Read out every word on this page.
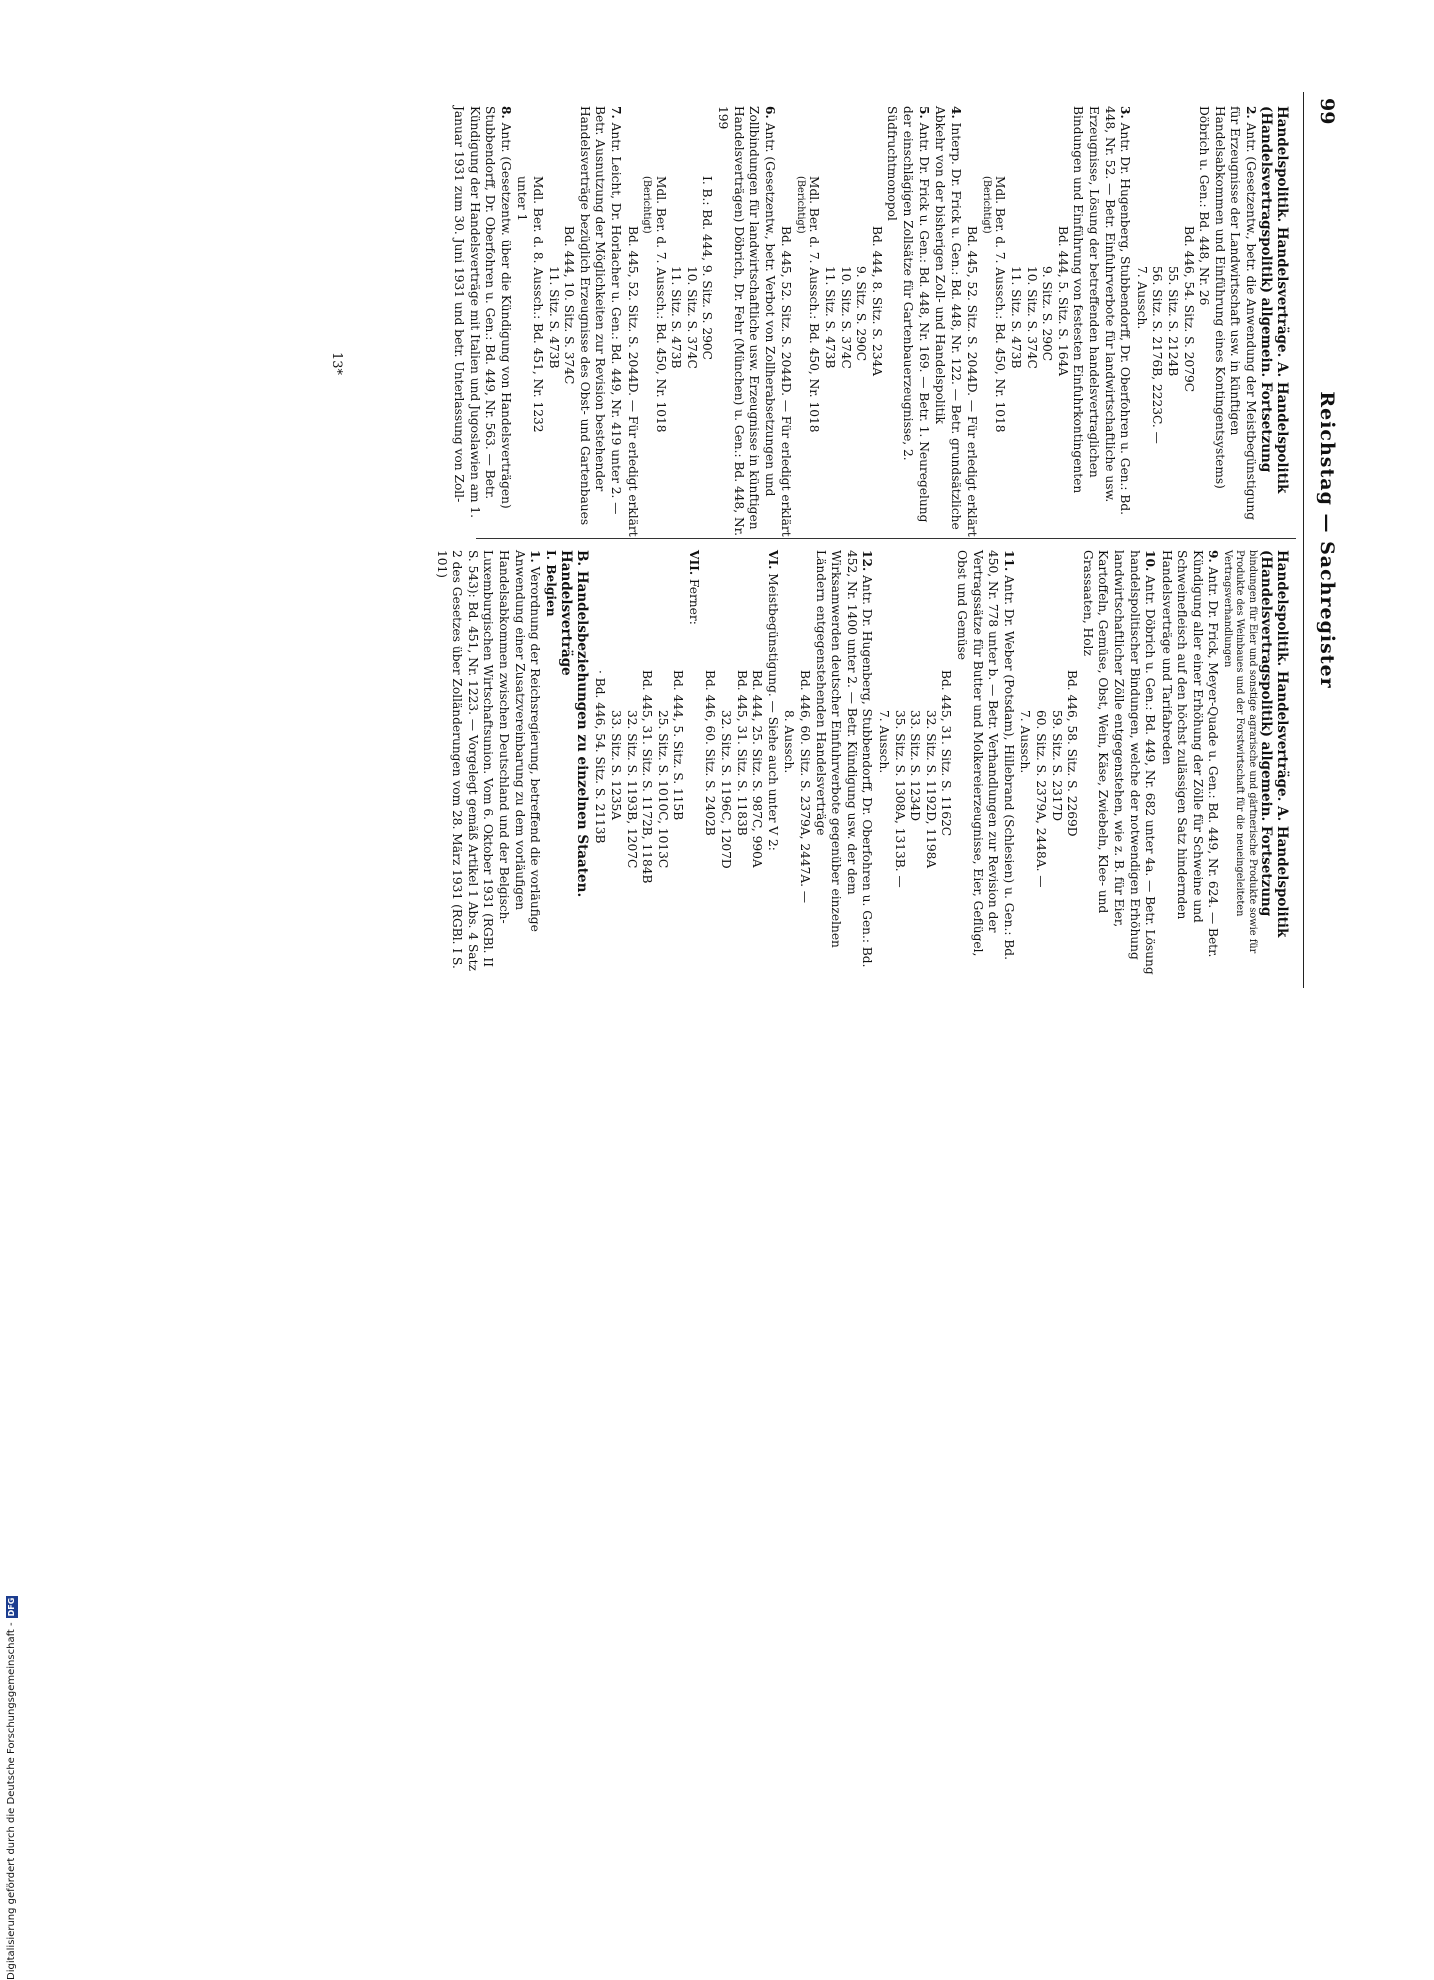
99
Reichstag — Sachregister
Handelspolitik. Handelsverträge. A. Handelspolitik (Handelsvertragspolitik) allgemein. Fortsetzung
2. Antr. (Gesetzentw., betr. die Anwendung der Meistbegünstigung für Erzeugnisse der Landwirtschaft usw. in künftigen Handelsabkommen und Einführung eines Kontingentsystems) Döbrich u. Gen.: Bd. 448, Nr. 26
Bd. 446, 54. Sitz. S. 2079C
55. Sitz. S. 2124B
56. Sitz. S. 2176B, 2223C. —
7. Aussch.
3. Antr. Dr. Hugenberg, Stubbendorff, Dr. Oberfohren u. Gen.: Bd. 448, Nr. 52. — Betr. Einfuhrverbote für landwirtschaftliche usw. Erzeugnisse, Lösung der betreffenden handelsvertraglichen Bindungen und Einführung von festesten Einfuhrkontingenten
Bd. 444, 5. Sitz. S. 164A
9. Sitz. S. 290C
10. Sitz. S. 374C
11. Sitz. S. 473B
Mdl. Ber. d. 7. Aussch.: Bd. 450, Nr. 1018
(Berichtigt)
Bd. 445, 52. Sitz. S. 2044D. — Für erledigt erklärt
4. Interp. Dr. Frick u. Gen.: Bd. 448, Nr. 122. — Betr. grundsätzliche Abkehr von der bisherigen Zoll- und Handelspolitik
5. Antr. Dr. Frick u. Gen.: Bd. 448, Nr. 169. — Betr. 1. Neuregelung der einschlägigen Zollsätze für Gartenbauerzeugnisse, 2. Südfruchtmonopol
Bd. 444, 8. Sitz. S. 234A
9. Sitz. S. 290C
10. Sitz. S. 374C
11. Sitz. S. 473B
Mdl. Ber. d. 7. Aussch.: Bd. 450, Nr. 1018
(Berichtigt)
Bd. 445, 52. Sitz. S. 2044D. — Für erledigt erklärt
6. Antr. (Gesetzentw., betr. Verbot von Zollherabsetzungen und Zollbindungen für landwirtschaftliche usw. Erzeugnisse in künftigen Handelsverträgen) Döbrich, Dr. Fehr (München) u. Gen.: Bd. 448, Nr. 199
I. B.: Bd. 444, 9. Sitz. S. 290C
10. Sitz. S. 374C
11. Sitz. S. 473B
Mdl. Ber. d. 7. Aussch.: Bd. 450, Nr. 1018
(Berichtigt)
Bd. 445, 52. Sitz. S. 2044D. — Für erledigt erklärt
7. Antr. Leicht, Dr. Horlacher u. Gen.: Bd. 449, Nr. 419 unter 2. — Betr. Ausnutzung der Möglichkeiten zur Revision bestehender Handelsverträge bezüglich Erzeugnisse des Obst- und Gartenbaues
Bd. 444, 10. Sitz. S. 374C
11. Sitz. S. 473B
Mdl. Ber. d. 8. Aussch.: Bd. 451, Nr. 1232
unter 1
8. Antr. (Gesetzentw. über die Kündigung von Handelsverträgen) Stubbendorff, Dr. Oberfohren u. Gen.: Bd. 449, Nr. 563. — Betr. Kündigung der Handelsverträge mit Italien und Jugoslawien am 1. Januar 1931 zum 30. Juni 1931 und betr. Unterlassung von Zoll-
Handelspolitik. Handelsverträge. A. Handelspolitik (Handelsvertragspolitik) allgemein. Fortsetzung
bindungen für Eier und sonstige agrarische und gärtnerische Produkte sowie für Produkte des Weinbaues und der Forstwirtschaft für die neueingeleiteten Vertragsverhandlungen
9. Antr. Dr. Frick, Meyer-Quade u. Gen.: Bd. 449, Nr. 624. — Betr. Kündigung aller einer Erhöhung der Zölle für Schweine und Schweinefleisch auf den höchst zulässigen Satz hindernden Handelsverträge und Tarifabreden
10. Antr. Döbrich u. Gen.: Bd. 449, Nr. 682 unter 4a. — Betr. Lösung handelspolitischer Bindungen, welche der notwendigen Erhöhung landwirtschaftlicher Zölle entgegenstehen, wie z. B. für Eier, Kartoffeln, Gemüse, Obst, Wein, Käse, Zwiebeln, Klee- und Grassaaten, Holz
Bd. 446, 58. Sitz. S. 2269D
59. Sitz. S. 2317D
60. Sitz. S. 2379A, 2448A. —
7. Aussch.
11. Antr. Dr. Weber (Potsdam), Hillebrand (Schlesien) u. Gen.: Bd. 450, Nr. 778 unter b. — Betr. Verhandlungen zur Revision der Vertragssätze für Butter und Molkereierzeugnisse, Eier, Geflügel, Obst und Gemüse
Bd. 445, 31. Sitz. S. 1162C
32. Sitz. S. 1192D, 1198A
33. Sitz. S. 1234D
35. Sitz. S. 1308A, 1313B. —
7. Aussch.
12. Antr. Dr. Hugenberg, Stubbendorff, Dr. Oberfohren u. Gen.: Bd. 452, Nr. 1400 unter 2. — Betr. Kündigung usw. der dem Wirksamwerden deutscher Einfuhrverbote gegenüber einzelnen Ländern entgegenstehenden Handelsverträge
Bd. 446, 60. Sitz. S. 2379A, 2447A. —
8. Aussch.
VI. Meistbegünstigung. — Siehe auch unter V 2:
Bd. 444, 25. Sitz. S. 987C, 990A
Bd. 445, 31. Sitz. S. 1183B
32. Sitz. S. 1196C, 1207D
Bd. 446, 60. Sitz. S. 2402B
VII. Ferner:
Bd. 444, 5. Sitz. S. 115B
25. Sitz. S. 1010C, 1013C
Bd. 445, 31. Sitz. S. 1172B, 1184B
32. Sitz. S. 1193B, 1207C
33. Sitz. S. 1235A
· Bd. 446, 54. Sitz. S. 2113B
B. Handelsbeziehungen zu einzelnen Staaten. Handelsverträge
I. Belgien
1. Verordnung der Reichsregierung, betreffend die vorläufige Anwendung einer Zusatzvereinbarung zu dem vorläufigen Handelsabkommen zwischen Deutschland und der Belgisch-Luxemburgischen Wirtschaftsunion. Vom 6. Oktober 1931 (RGBl. II S. 543): Bd. 451, Nr. 1223. — Vorgelegt gemäß Artikel 1 Abs. 4 Satz 2 des Gesetzes über Zolländerungen vom 28. März 1931 (RGBl. I S. 101)
13*
Digitalisierung gefördert durch die Deutsche Forschungsgemeinschaft -DFG
